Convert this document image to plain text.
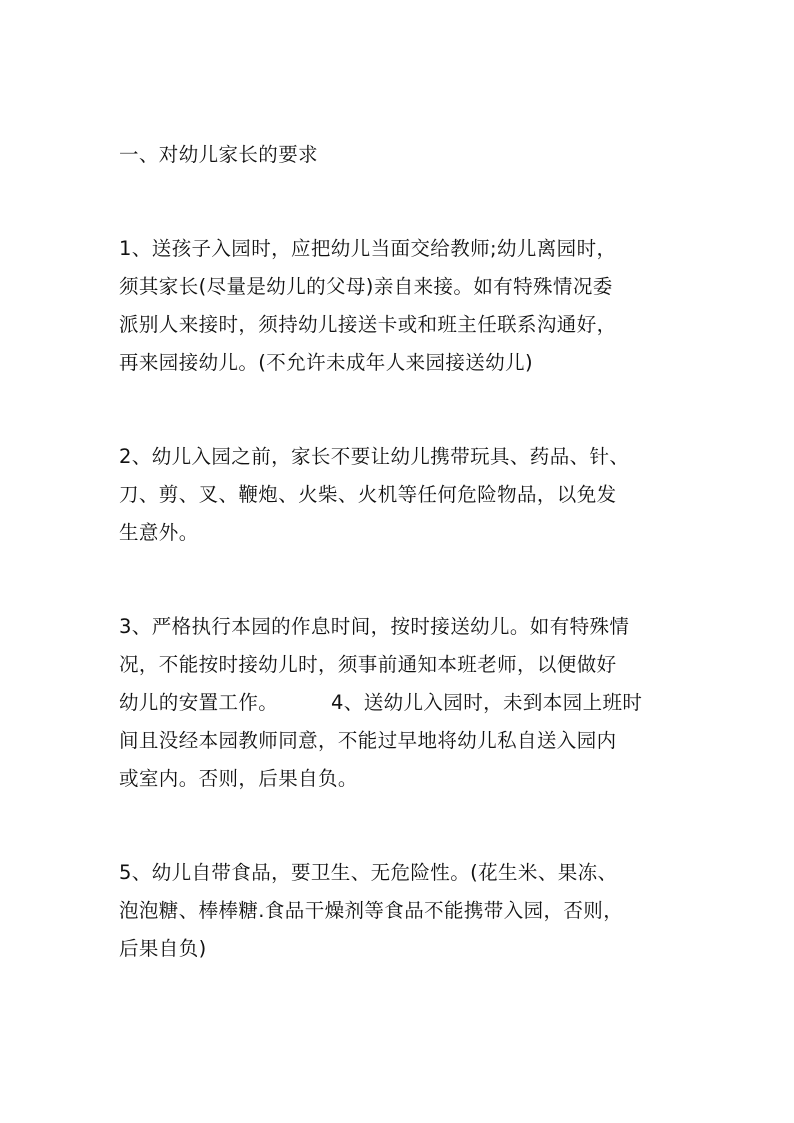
一、对幼儿家长的要求
1、送孩子入园时，应把幼儿当面交给教师;幼儿离园时，
须其家长(尽量是幼儿的父母)亲自来接。如有特殊情况委
派别人来接时，须持幼儿接送卡或和班主任联系沟通好，
再来园接幼儿。(不允许未成年人来园接送幼儿)
2、幼儿入园之前，家长不要让幼儿携带玩具、药品、针、
刀、剪、叉、鞭炮、火柴、火机等任何危险物品，以免发
生意外。
3、严格执行本园的作息时间，按时接送幼儿。如有特殊情
况，不能按时接幼儿时，须事前通知本班老师，以便做好
幼儿的安置工作。        4、送幼儿入园时，未到本园上班时
间且没经本园教师同意，不能过早地将幼儿私自送入园内
或室内。否则，后果自负。
5、幼儿自带食品，要卫生、无危险性。(花生米、果冻、
泡泡糖、棒棒糖.食品干燥剂等食品不能携带入园，否则，
后果自负)
